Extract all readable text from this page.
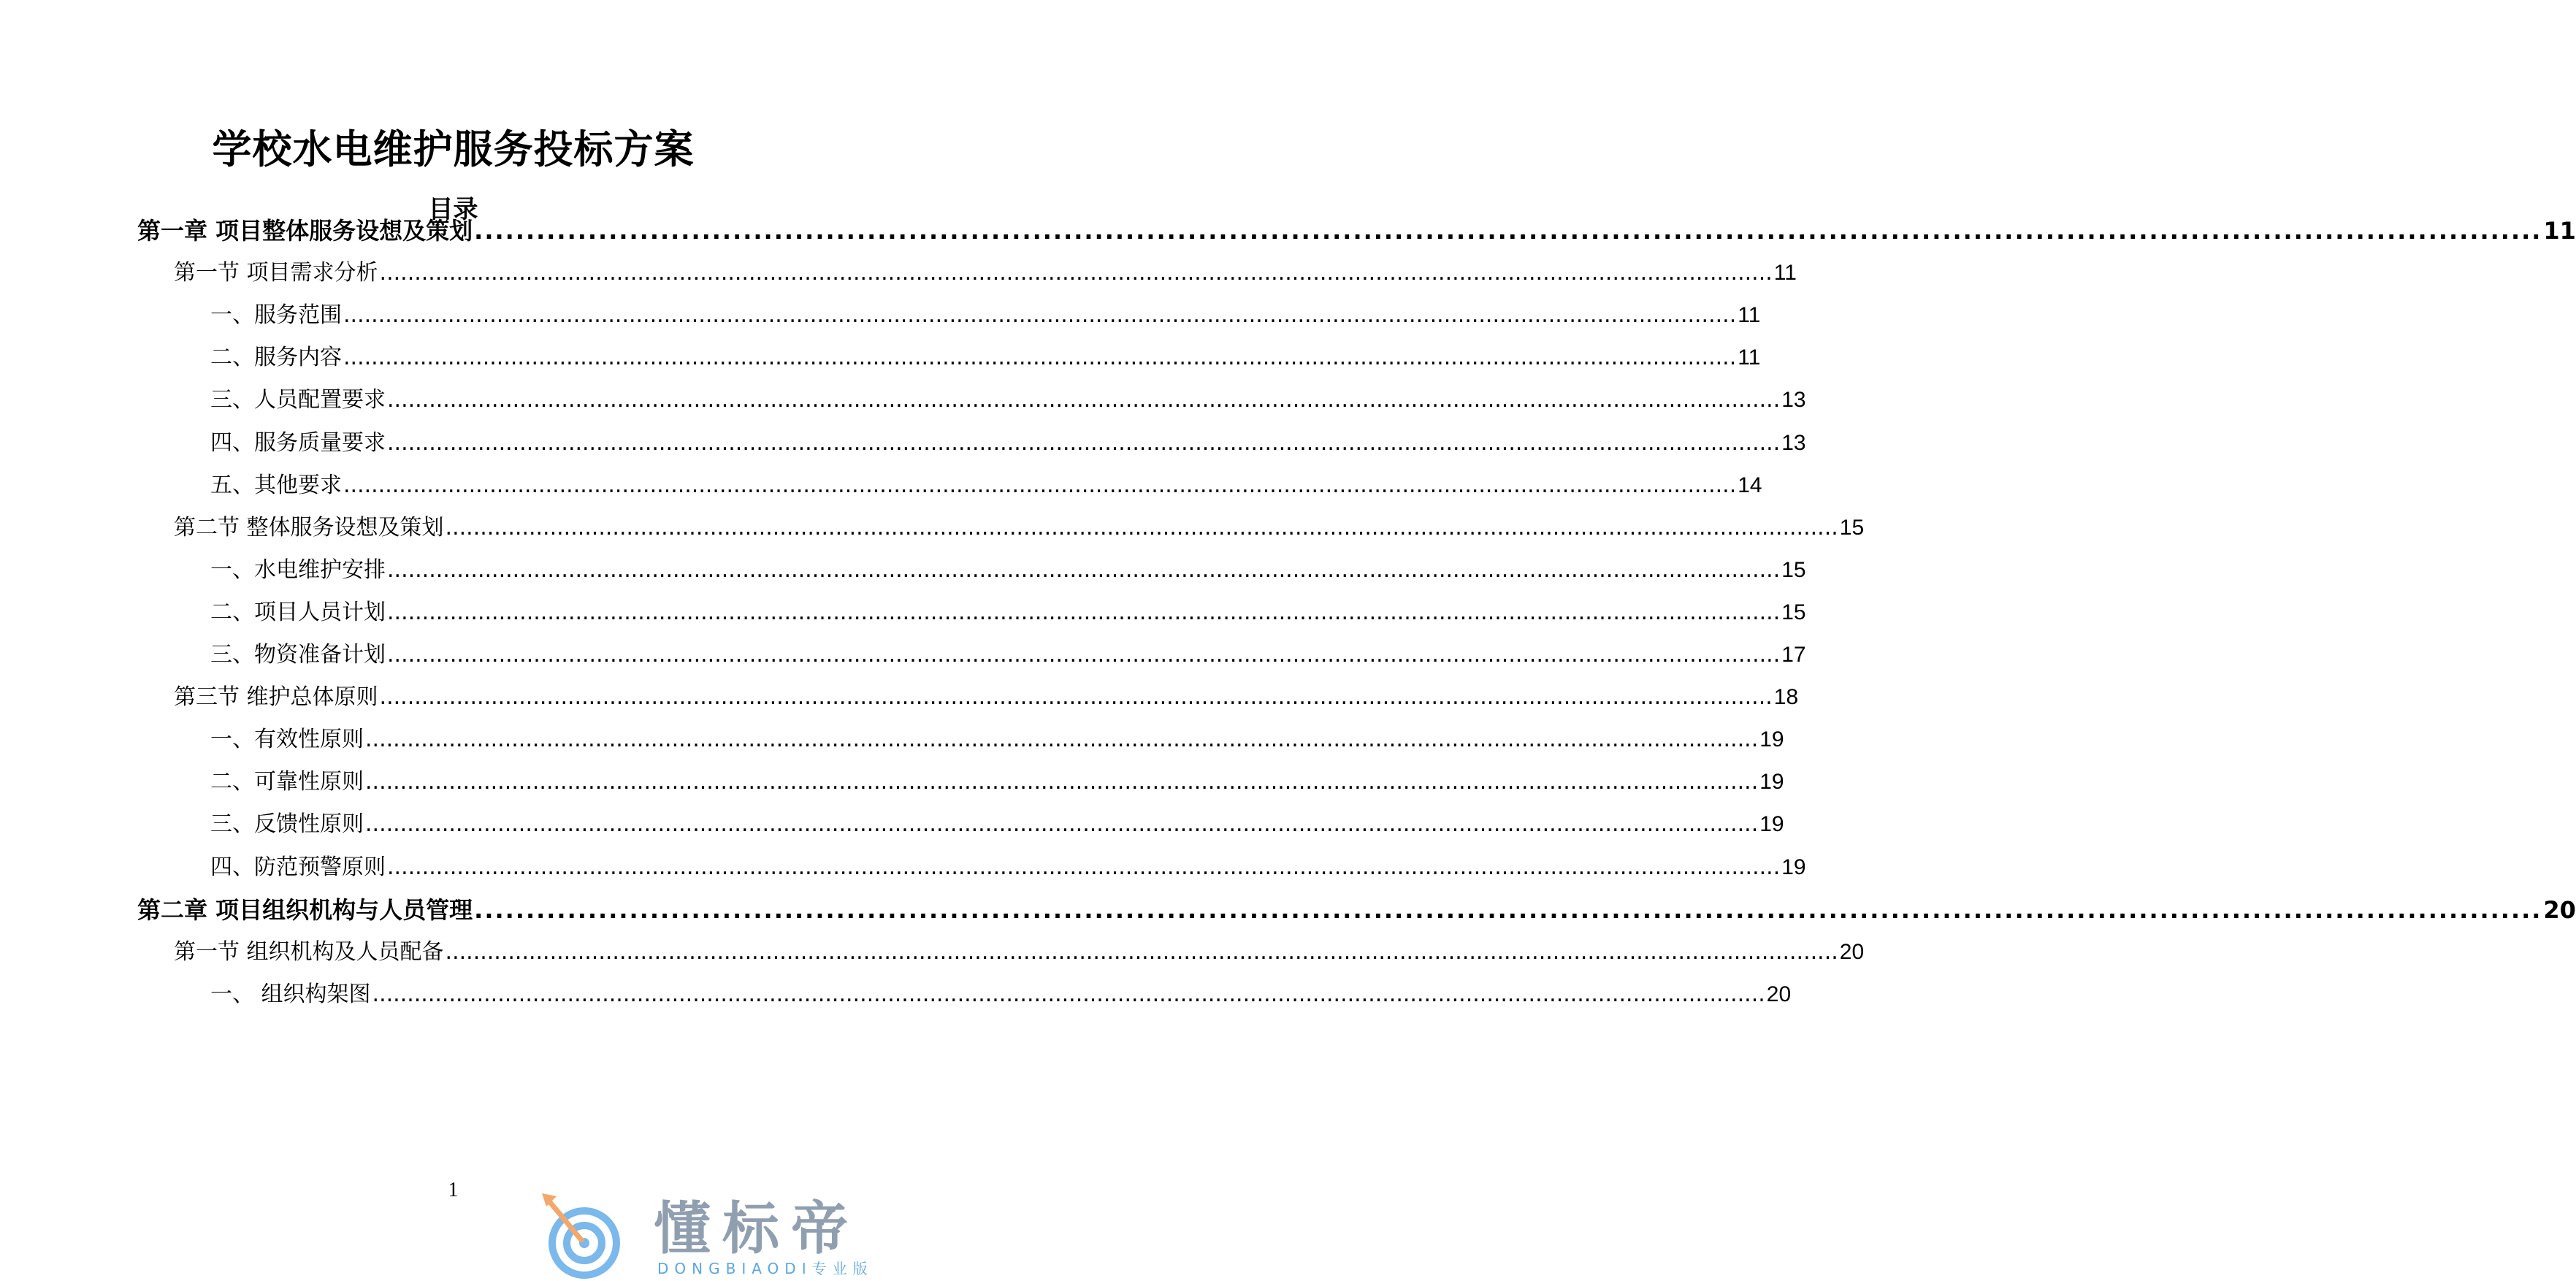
学校水电维护服务投标方案
目录
第一章 项目整体服务设想及策划 ........................................................................................................................................................................................................ 11
第一节 项目需求分析 ........................................................................................................................................................................................................ 11
一、服务范围 ........................................................................................................................................................................................................ 11
二、服务内容 ........................................................................................................................................................................................................ 11
三、人员配置要求 ........................................................................................................................................................................................................ 13
四、服务质量要求 ........................................................................................................................................................................................................ 13
五、其他要求 ........................................................................................................................................................................................................ 14
第二节 整体服务设想及策划 ........................................................................................................................................................................................................ 15
一、水电维护安排 ........................................................................................................................................................................................................ 15
二、项目人员计划 ........................................................................................................................................................................................................ 15
三、物资准备计划 ........................................................................................................................................................................................................ 17
第三节 维护总体原则 ........................................................................................................................................................................................................ 18
一、有效性原则 ........................................................................................................................................................................................................ 19
二、可靠性原则 ........................................................................................................................................................................................................ 19
三、反馈性原则 ........................................................................................................................................................................................................ 19
四、防范预警原则 ........................................................................................................................................................................................................ 19
第二章 项目组织机构与人员管理 ........................................................................................................................................................................................................ 20
第一节 组织机构及人员配备 ........................................................................................................................................................................................................ 20
一、 组织构架图 ........................................................................................................................................................................................................ 20
1
懂标帝
DONGBIAODI专业版
